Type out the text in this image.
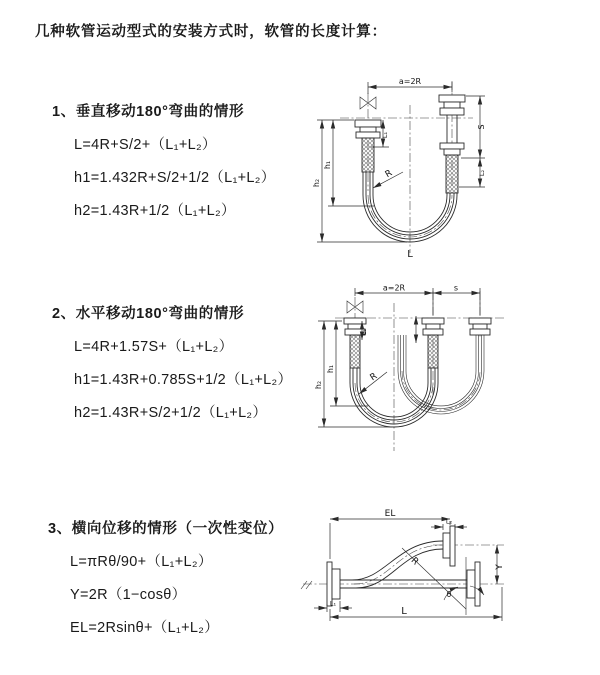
几种软管运动型式的安装方式时，软管的长度计算：
1、垂直移动180°弯曲的情形

L=4R+S/2+（L₁+L₂）

h1=1.432R+S/2+1/2（L₁+L₂）

h2=1.43R+1/2（L₁+L₂）

2、水平移动180°弯曲的情形

L=4R+1.57S+（L₁+L₂）

h1=1.43R+0.785S+1/2（L₁+L₂）

h2=1.43R+S/2+1/2（L₁+L₂）

3、横向位移的情形（一次性变位）

L=πRθ/90+（L₁+L₂）

Y=2R（1−cosθ）

EL=2Rsinθ+（L₁+L₂）

a=2R
h₂
h₁
L₁
S
L₂
R
L
a=2R	s
h₂
h₁
L₁
R
EL
L₂
Y
L
L₁
R
θ
